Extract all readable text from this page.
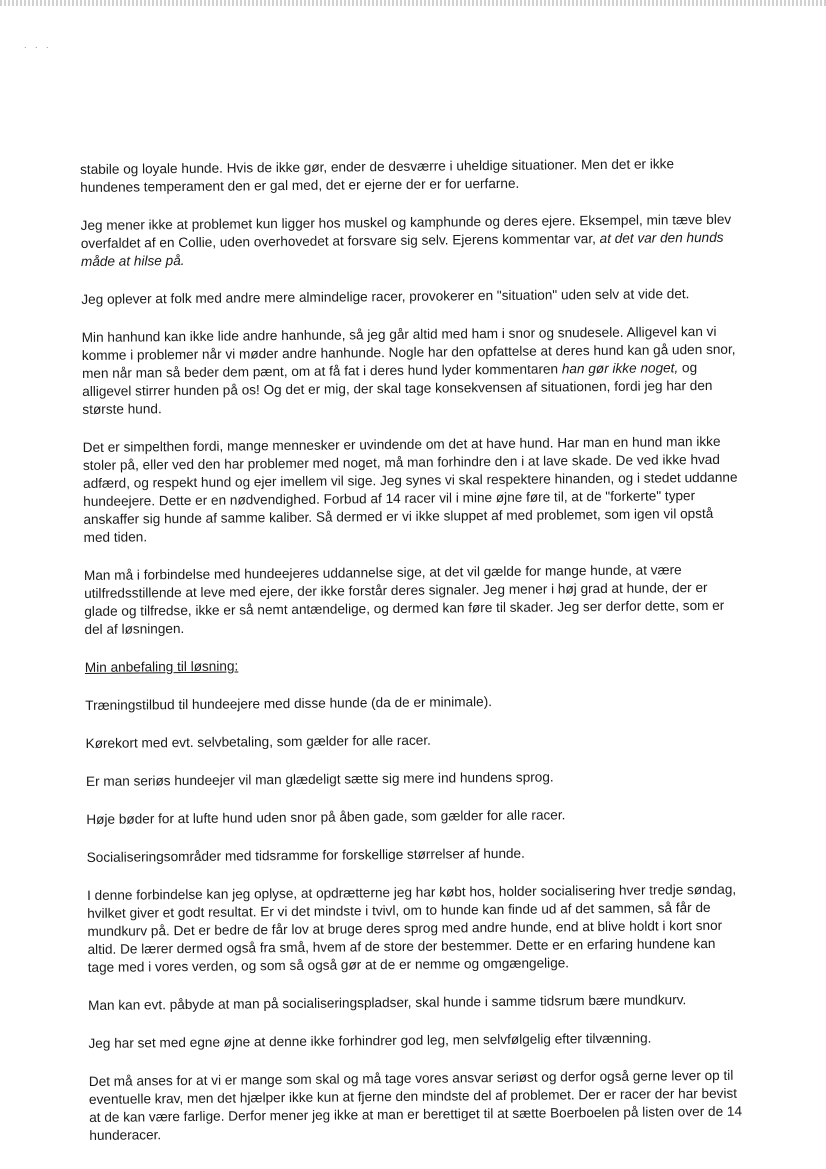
. . .

stabile og loyale hunde. Hvis de ikke gør, ender de desværre i uheldige situationer. Men det er ikke
hundenes temperament den er gal med, det er ejerne der er for uerfarne.

Jeg mener ikke at problemet kun ligger hos muskel og kamphunde og deres ejere. Eksempel, min tæve blev
overfaldet af en Collie, uden overhovedet at forsvare sig selv. Ejerens kommentar var, at det var den hunds
måde at hilse på.

Jeg oplever at folk med andre mere almindelige racer, provokerer en "situation" uden selv at vide det.

Min hanhund kan ikke lide andre hanhunde, så jeg går altid med ham i snor og snudesele. Alligevel kan vi
komme i problemer når vi møder andre hanhunde. Nogle har den opfattelse at deres hund kan gå uden snor,
men når man så beder dem pænt, om at få fat i deres hund lyder kommentaren han gør ikke noget, og
alligevel stirrer hunden på os! Og det er mig, der skal tage konsekvensen af situationen, fordi jeg har den
største hund.

Det er simpelthen fordi, mange mennesker er uvindende om det at have hund. Har man en hund man ikke
stoler på, eller ved den har problemer med noget, må man forhindre den i at lave skade. De ved ikke hvad
adfærd, og respekt hund og ejer imellem vil sige. Jeg synes vi skal respektere hinanden, og i stedet uddanne
hundeejere. Dette er en nødvendighed. Forbud af 14 racer vil i mine øjne føre til, at de "forkerte" typer
anskaffer sig hunde af samme kaliber. Så dermed er vi ikke sluppet af med problemet, som igen vil opstå
med tiden.

Man må i forbindelse med hundeejeres uddannelse sige, at det vil gælde for mange hunde, at være
utilfredsstillende at leve med ejere, der ikke forstår deres signaler. Jeg mener i høj grad at hunde, der er
glade og tilfredse, ikke er så nemt antændelige, og dermed kan føre til skader. Jeg ser derfor dette, som er
del af løsningen.

Min anbefaling til løsning:

Træningstilbud til hundeejere med disse hunde (da de er minimale).

Kørekort med evt. selvbetaling, som gælder for alle racer.

Er man seriøs hundeejer vil man glædeligt sætte sig mere ind hundens sprog.

Høje bøder for at lufte hund uden snor på åben gade, som gælder for alle racer.

Socialiseringsområder med tidsramme for forskellige størrelser af hunde.

I denne forbindelse kan jeg oplyse, at opdrætterne jeg har købt hos, holder socialisering hver tredje søndag,
hvilket giver et godt resultat. Er vi det mindste i tvivl, om to hunde kan finde ud af det sammen, så får de
mundkurv på. Det er bedre de får lov at bruge deres sprog med andre hunde, end at blive holdt i kort snor
altid. De lærer dermed også fra små, hvem af de store der bestemmer. Dette er en erfaring hundene kan
tage med i vores verden, og som så også gør at de er nemme og omgængelige.

Man kan evt. påbyde at man på socialiseringspladser, skal hunde i samme tidsrum bære mundkurv.

Jeg har set med egne øjne at denne ikke forhindrer god leg, men selvfølgelig efter tilvænning.

Det må anses for at vi er mange som skal og må tage vores ansvar seriøst og derfor også gerne lever op til
eventuelle krav, men det hjælper ikke kun at fjerne den mindste del af problemet. Der er racer der har bevist
at de kan være farlige. Derfor mener jeg ikke at man er berettiget til at sætte Boerboelen på listen over de 14
hunderacer.
